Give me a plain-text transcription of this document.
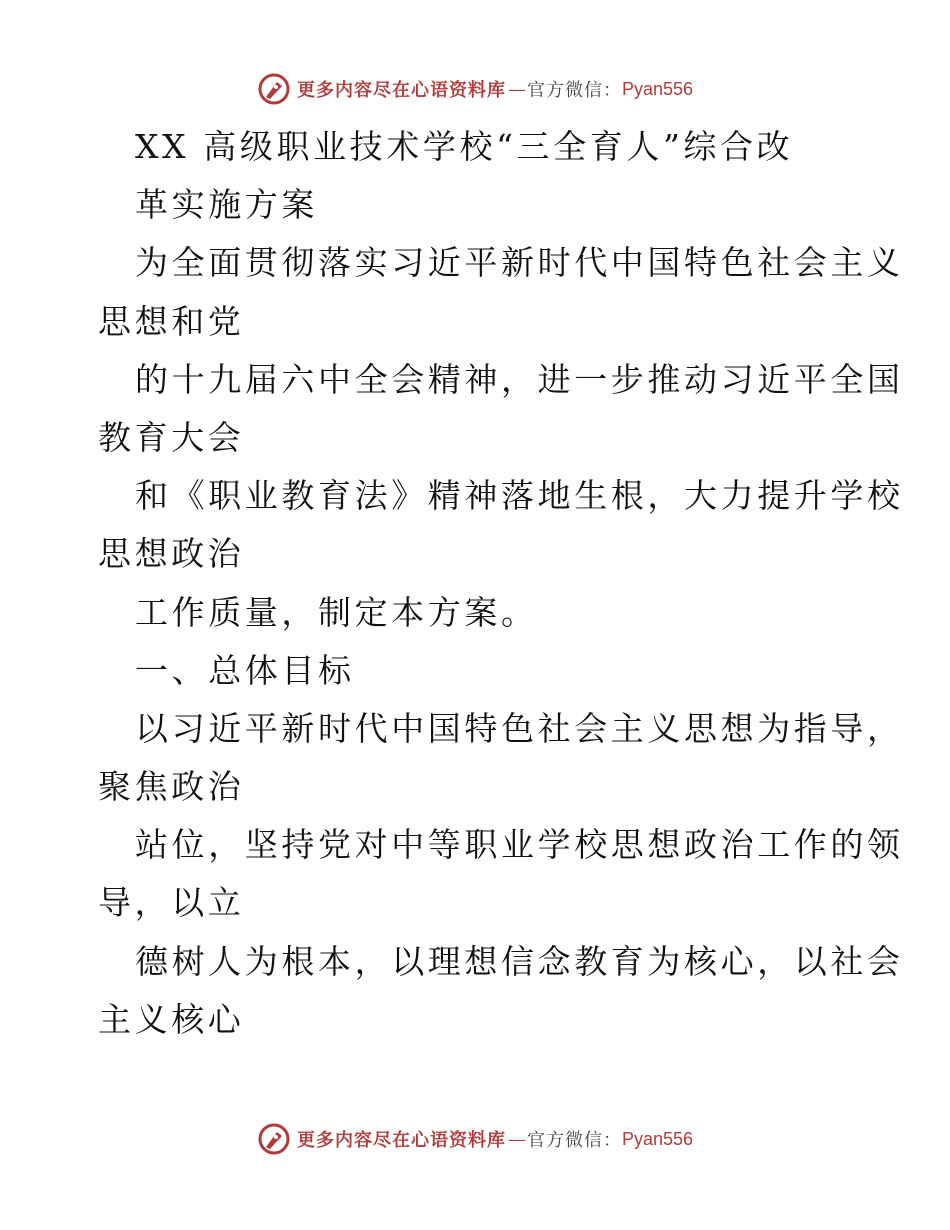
更多内容尽在心语资料库 — 官方微信： Pyan556
XX 高级职业技术学校“三全育人”综合改
革实施方案
为全面贯彻落实习近平新时代中国特色社会主义
思想和党
的十九届六中全会精神，进一步推动习近平全国
教育大会
和《职业教育法》精神落地生根，大力提升学校
思想政治
工作质量，制定本方案。
一、总体目标
以习近平新时代中国特色社会主义思想为指导，
聚焦政治
站位，坚持党对中等职业学校思想政治工作的领
导，以立
德树人为根本，以理想信念教育为核心，以社会
主义核心
更多内容尽在心语资料库 — 官方微信： Pyan556
